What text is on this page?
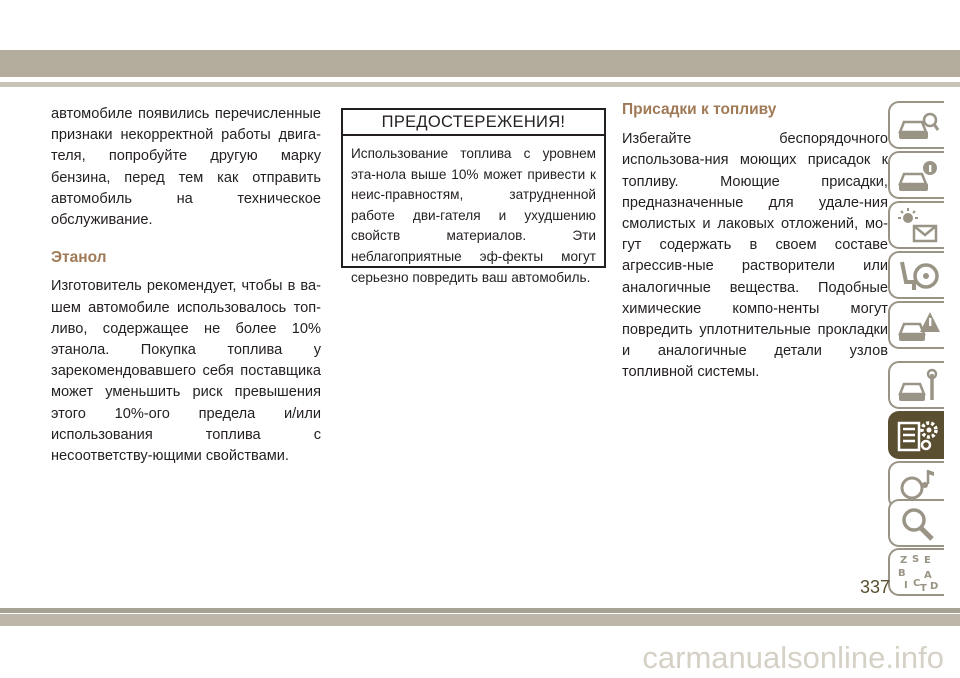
автомобиле появились перечисленные признаки некорректной работы двига-теля, попробуйте другую марку бензина, перед тем как отправить автомобиль на техническое обслуживание.

Этанол

Изготовитель рекомендует, чтобы в ва-шем автомобиле использовалось топ-ливо, содержащее не более 10% этанола. Покупка топлива у зарекомендовавшего себя поставщика может уменьшить риск превышения этого 10%-ого предела и/или использования топлива с несоответству-ющими свойствами.

ПРЕДОСТЕРЕЖЕНИЯ!
Использование топлива с уровнем эта-нола выше 10% может привести к неис-правностям, затрудненной работе дви-гателя и ухудшению свойств материалов. Эти неблагоприятные эф-фекты могут серьезно повредить ваш автомобиль.
Присадки к топливу

Избегайте беспорядочного использова-ния моющих присадок к топливу. Моющие присадки, предназначенные для удале-ния смолистых и лаковых отложений, мо-гут содержать в своем составе агрессив-ные растворители или аналогичные вещества. Подобные химические компо-ненты могут повредить уплотнительные прокладки и аналогичные детали узлов топливной системы.

Z S E
B A
I C D
T
337
carmanualsonline.info
